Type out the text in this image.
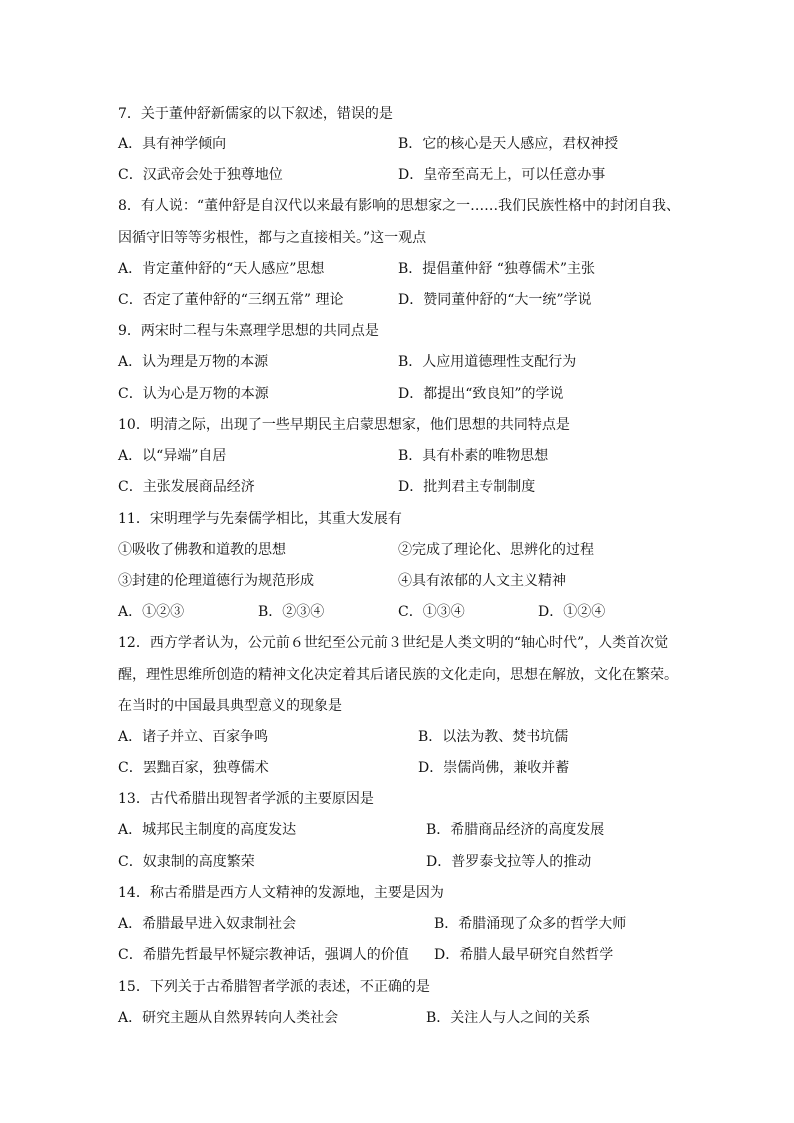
7．关于董仲舒新儒家的以下叙述，错误的是
A．具有神学倾向	B．它的核心是天人感应，君权神授
C．汉武帝会处于独尊地位	D．皇帝至高无上，可以任意办事
8．有人说：“董仲舒是自汉代以来最有影响的思想家之一……我们民族性格中的封闭自我、
因循守旧等等劣根性，都与之直接相关。”这一观点
A．肯定董仲舒的“天人感应”思想	B．提倡董仲舒 “独尊儒术”主张
C．否定了董仲舒的“三纲五常” 理论	D．赞同董仲舒的“大一统”学说
9．两宋时二程与朱熹理学思想的共同点是
A．认为理是万物的本源	B．人应用道德理性支配行为
C．认为心是万物的本源	D．都提出“致良知”的学说
10．明清之际，出现了一些早期民主启蒙思想家，他们思想的共同特点是
A．以“异端”自居	B．具有朴素的唯物思想
C．主张发展商品经济	D．批判君主专制制度
11．宋明理学与先秦儒学相比，其重大发展有
①吸收了佛教和道教的思想	②完成了理论化、思辨化的过程
③封建的伦理道德行为规范形成	④具有浓郁的人文主义精神
A．①②③	B．②③④	C．①③④	D．①②④
12．西方学者认为，公元前６世纪至公元前３世纪是人类文明的“轴心时代”，人类首次觉
醒，理性思维所创造的精神文化决定着其后诸民族的文化走向，思想在解放，文化在繁荣。
在当时的中国最具典型意义的现象是
A．诸子并立、百家争鸣	B．以法为教、焚书坑儒
C．罢黜百家，独尊儒术	D．崇儒尚佛，兼收并蓄
13．古代希腊出现智者学派的主要原因是
A．城邦民主制度的高度发达	B．希腊商品经济的高度发展
C．奴隶制的高度繁荣	D．普罗泰戈拉等人的推动
14．称古希腊是西方人文精神的发源地，主要是因为
A．希腊最早进入奴隶制社会	B．希腊涌现了众多的哲学大师
C．希腊先哲最早怀疑宗教神话，强调人的价值 D．希腊人最早研究自然哲学
15．下列关于古希腊智者学派的表述，不正确的是
A．研究主题从自然界转向人类社会	B．关注人与人之间的关系
